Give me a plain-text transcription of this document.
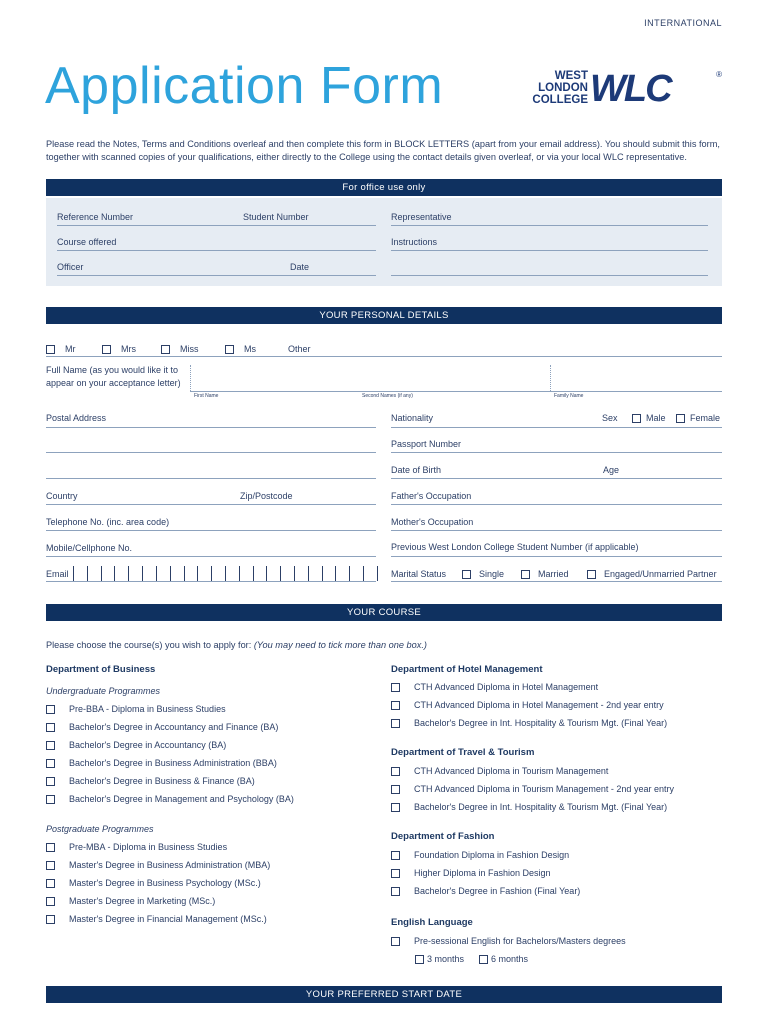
INTERNATIONAL
Application Form	WEST
LONDON
COLLEGE WLC	®
Please read the Notes, Terms and Conditions overleaf and then complete this form in BLOCK LETTERS (apart from your email address). You should submit this form, together with scanned copies of your qualifications, either directly to the College using the contact details given overleaf, or via your local WLC representative.
For office use only
Reference Number	Student Number	Representative
Course offered	Instructions
Officer	Date
YOUR PERSONAL DETAILS
Mr	Mrs	Miss	Ms	Other
Full Name (as you would like it to
appear on your acceptance letter)
First Name	Second Names (if any)	Family Name
Postal Address
Country	Zip/Postcode
Telephone No. (inc. area code)
Mobile/Cellphone No.
Email
Nationality	Sex	Male	Female
Passport Number
Date of Birth	Age
Father's Occupation
Mother's Occupation
Previous West London College Student Number (if applicable)
Marital Status	Single	Married	Engaged/Unmarried Partner
YOUR COURSE
Please choose the course(s) you wish to apply for: (You may need to tick more than one box.)
Department of Business
Undergraduate Programmes
Pre-BBA - Diploma in Business Studies
Bachelor's Degree in Accountancy and Finance (BA)
Bachelor's Degree in Accountancy (BA)
Bachelor's Degree in Business Administration (BBA)
Bachelor's Degree in Business & Finance (BA)
Bachelor's Degree in Management and Psychology (BA)
Postgraduate Programmes
Pre-MBA - Diploma in Business Studies
Master's Degree in Business Administration (MBA)
Master's Degree in Business Psychology (MSc.)
Master's Degree in Marketing (MSc.)
Master's Degree in Financial Management (MSc.)
Department of Hotel Management
CTH Advanced Diploma in Hotel Management
CTH Advanced Diploma in Hotel Management - 2nd year entry
Bachelor's Degree in Int. Hospitality & Tourism Mgt. (Final Year)
Department of Travel & Tourism
CTH Advanced Diploma in Tourism Management
CTH Advanced Diploma in Tourism Management - 2nd year entry
Bachelor's Degree in Int. Hospitality & Tourism Mgt. (Final Year)
Department of Fashion
Foundation Diploma in Fashion Design
Higher Diploma in Fashion Design
Bachelor's Degree in Fashion (Final Year)
English Language
Pre-sessional English for Bachelors/Masters degrees
3 months	6 months
YOUR PREFERRED START DATE
